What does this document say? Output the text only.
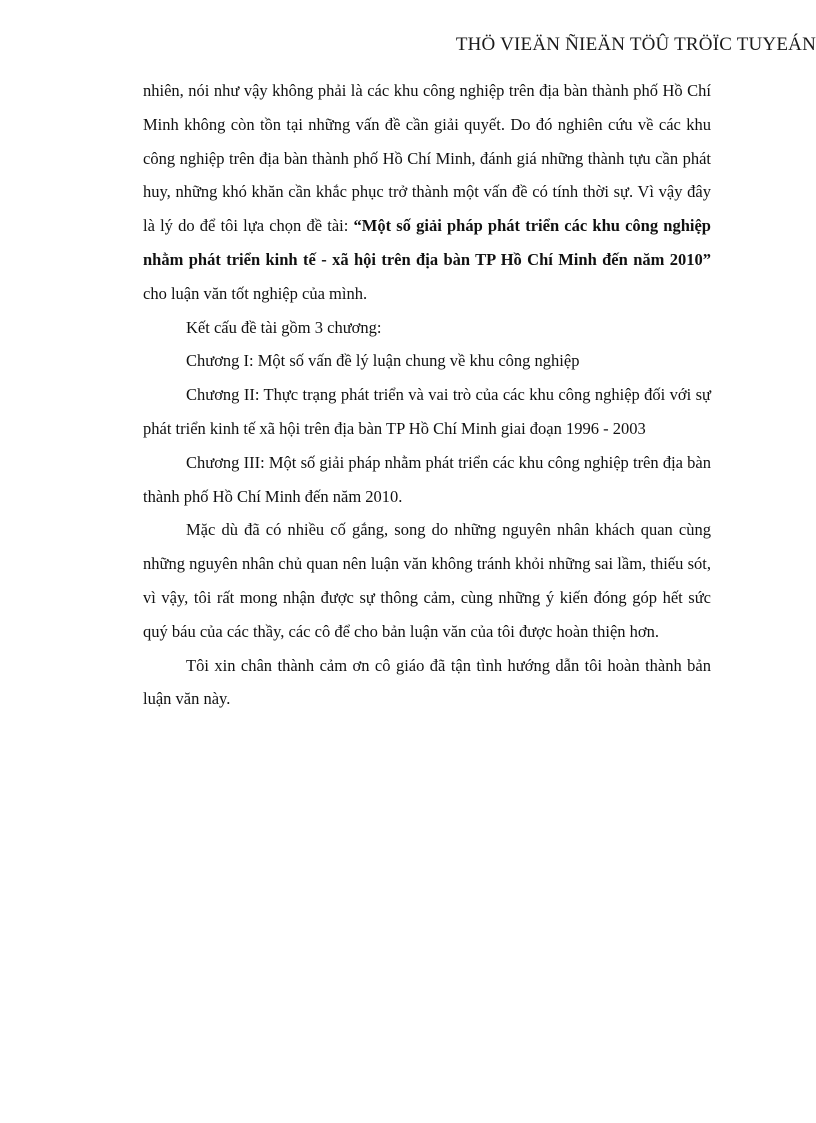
THÖ VIEÄN ÑIEÄN TÖÛ TRÖÏC TUYEÁN

nhiên, nói như vậy không phải là các khu công nghiệp trên địa bàn thành phố Hồ Chí Minh không còn tồn tại những vấn đề cần giải quyết. Do đó nghiên cứu về các khu công nghiệp trên địa bàn thành phố Hồ Chí Minh, đánh giá những thành tựu cần phát huy, những khó khăn cần khắc phục trở thành một vấn đề có tính thời sự. Vì vậy đây là lý do để tôi lựa chọn đề tài: “Một số giải pháp phát triển các khu công nghiệp nhằm phát triển kinh tế - xã hội trên địa bàn TP Hồ Chí Minh đến năm 2010” cho luận văn tốt nghiệp của mình.

Kết cấu đề tài gồm 3 chương:

Chương I: Một số vấn đề lý luận chung về khu công nghiệp

Chương II: Thực trạng phát triển và vai trò của các khu công nghiệp đối với sự phát triển kinh tế xã hội trên địa bàn TP Hồ Chí Minh giai đoạn 1996 - 2003

Chương III: Một số giải pháp nhằm phát triển các khu công nghiệp trên địa bàn thành phố Hồ Chí Minh đến năm 2010.

Mặc dù đã có nhiều cố gắng, song do những nguyên nhân khách quan cùng những nguyên nhân chủ quan nên luận văn không tránh khỏi những sai lầm, thiếu sót, vì vậy, tôi rất mong nhận được sự thông cảm, cùng những ý kiến đóng góp hết sức quý báu của các thầy, các cô để cho bản luận văn của tôi được hoàn thiện hơn.

Tôi xin chân thành cảm ơn cô giáo đã tận tình hướng dẫn tôi hoàn thành bản luận văn này.
